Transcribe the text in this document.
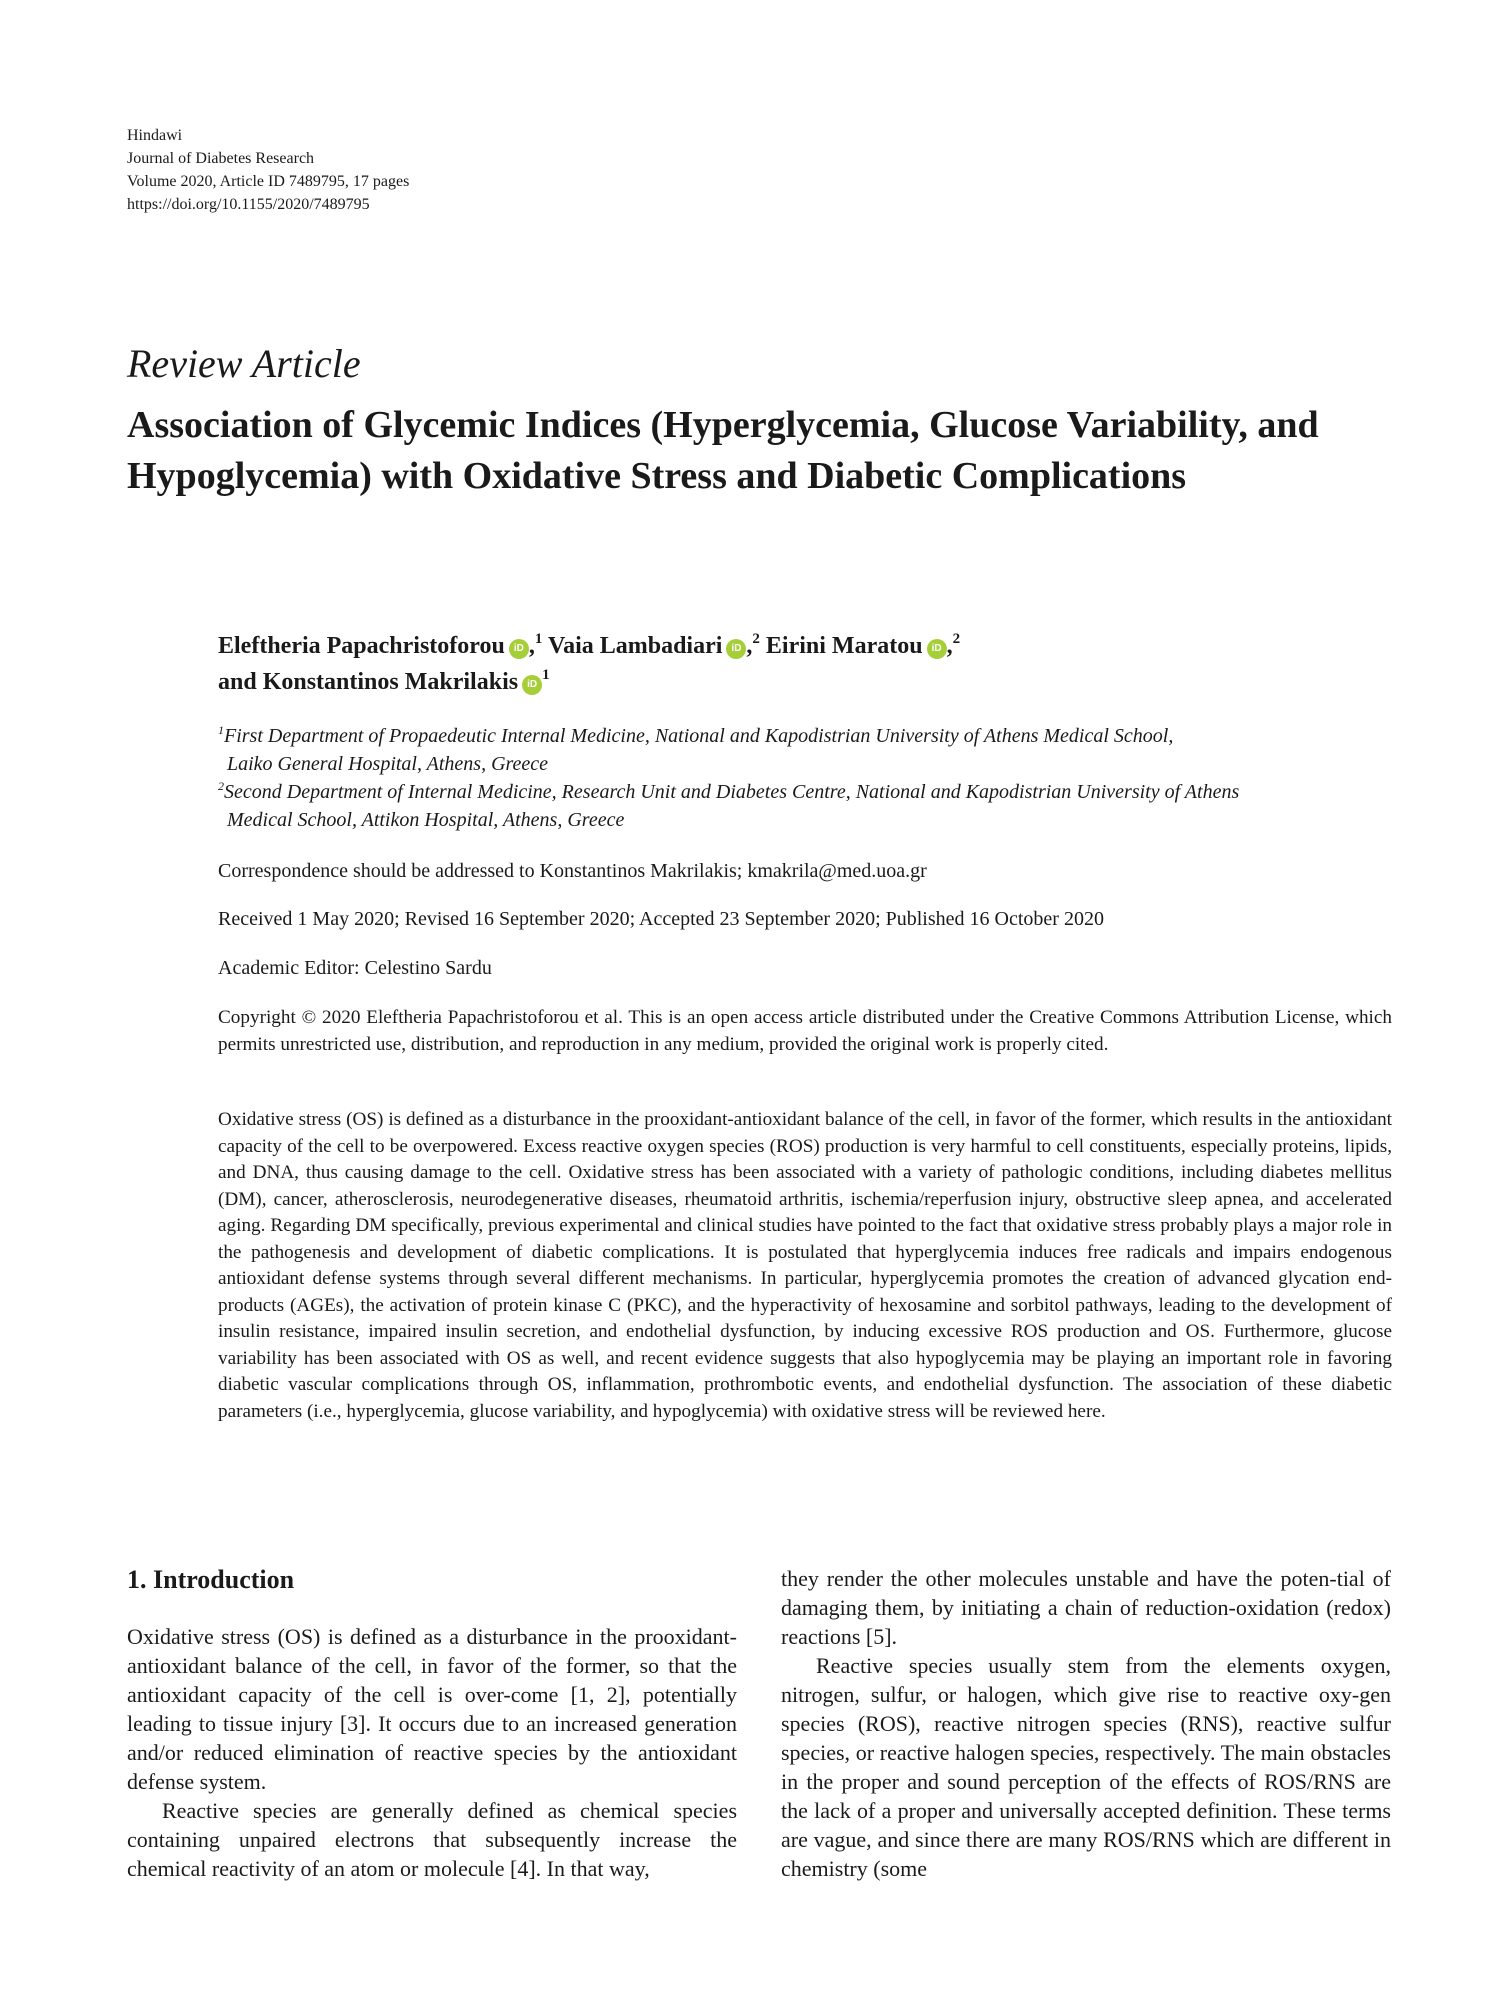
Hindawi
Journal of Diabetes Research
Volume 2020, Article ID 7489795, 17 pages
https://doi.org/10.1155/2020/7489795
Review Article
Association of Glycemic Indices (Hyperglycemia, Glucose Variability, and Hypoglycemia) with Oxidative Stress and Diabetic Complications
Eleftheria Papachristoforou iD ,$^1$ Vaia Lambadiari iD ,$^2$ Eirini Maratou iD ,$^2$
and Konstantinos Makrilakis $iD^1$
$^1$First Department of Propaedeutic Internal Medicine, National and Kapodistrian University of Athens Medical School,
Laiko General Hospital, Athens, Greece
$^2$Second Department of Internal Medicine, Research Unit and Diabetes Centre, National and Kapodistrian University of Athens
Medical School, Attikon Hospital, Athens, Greece
Correspondence should be addressed to Konstantinos Makrilakis; kmakrila@med.uoa.gr
Received 1 May 2020; Revised 16 September 2020; Accepted 23 September 2020; Published 16 October 2020
Academic Editor: Celestino Sardu
Copyright © 2020 Eleftheria Papachristoforou et al. This is an open access article distributed under the Creative Commons Attribution License, which permits unrestricted use, distribution, and reproduction in any medium, provided the original work is properly cited.
Oxidative stress (OS) is defined as a disturbance in the prooxidant-antioxidant balance of the cell, in favor of the former, which results in the antioxidant capacity of the cell to be overpowered. Excess reactive oxygen species (ROS) production is very harmful to cell constituents, especially proteins, lipids, and DNA, thus causing damage to the cell. Oxidative stress has been associated with a variety of pathologic conditions, including diabetes mellitus (DM), cancer, atherosclerosis, neurodegenerative diseases, rheumatoid arthritis, ischemia/reperfusion injury, obstructive sleep apnea, and accelerated aging. Regarding DM specifically, previous experimental and clinical studies have pointed to the fact that oxidative stress probably plays a major role in the pathogenesis and development of diabetic complications. It is postulated that hyperglycemia induces free radicals and impairs endogenous antioxidant defense systems through several different mechanisms. In particular, hyperglycemia promotes the creation of advanced glycation end-products (AGEs), the activation of protein kinase C (PKC), and the hyperactivity of hexosamine and sorbitol pathways, leading to the development of insulin resistance, impaired insulin secretion, and endothelial dysfunction, by inducing excessive ROS production and OS. Furthermore, glucose variability has been associated with OS as well, and recent evidence suggests that also hypoglycemia may be playing an important role in favoring diabetic vascular complications through OS, inflammation, prothrombotic events, and endothelial dysfunction. The association of these diabetic parameters (i.e., hyperglycemia, glucose variability, and hypoglycemia) with oxidative stress will be reviewed here.
1. Introduction

Oxidative stress (OS) is defined as a disturbance in the prooxidant-antioxidant balance of the cell, in favor of the former, so that the antioxidant capacity of the cell is over-come [1, 2], potentially leading to tissue injury [3]. It occurs due to an increased generation and/or reduced elimination of reactive species by the antioxidant defense system.

Reactive species are generally defined as chemical species containing unpaired electrons that subsequently increase the chemical reactivity of an atom or molecule [4]. In that way,

they render the other molecules unstable and have the poten-tial of damaging them, by initiating a chain of reduction-oxidation (redox) reactions [5].

Reactive species usually stem from the elements oxygen, nitrogen, sulfur, or halogen, which give rise to reactive oxy-gen species (ROS), reactive nitrogen species (RNS), reactive sulfur species, or reactive halogen species, respectively. The main obstacles in the proper and sound perception of the effects of ROS/RNS are the lack of a proper and universally accepted definition. These terms are vague, and since there are many ROS/RNS which are different in chemistry (some
